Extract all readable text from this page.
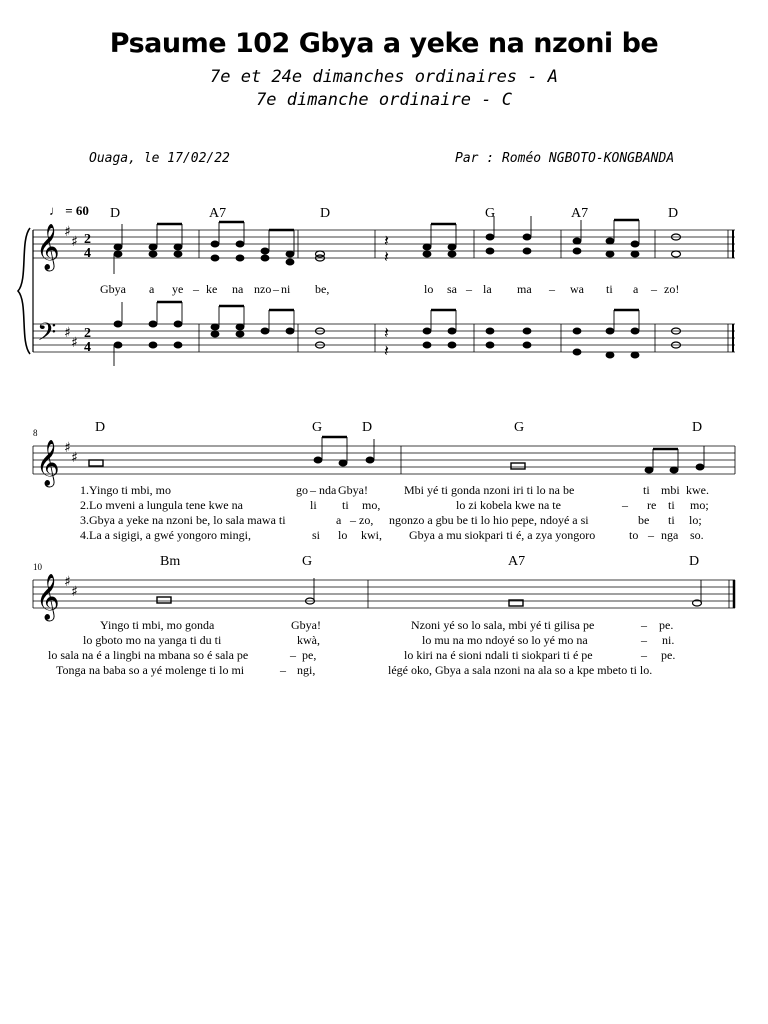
Psaume 102 Gbya a yeke na nzoni be
7e et 24e dimanches ordinaires - A
7e dimanche ordinaire - C
Ouaga, le 17/02/22	Par : Roméo NGBOTO-KONGBANDA
𝄞
𝄢
𝄞
𝄞
♯
♯
♯
♯
♯
♯
♯
♯
2
4
2
4
𝄽
𝄽
𝄽
𝄽
♩ = 60 D	A7	D	G	A7	D
Gbya a ye – ke na nzo – ni be,	lo sa – la ma – wa ti a – zo!
8	D	G	D	G	D
1.Yingo ti mbi, mo	go – nda Gbya!	Mbi yé ti gonda nzoni iri ti lo na be	ti mbi kwe.
2.Lo mveni a lungula tene kwe na	li ti mo,	lo zi kobela kwe na te	– re ti mo;
3.Gbya a yeke na nzoni be, lo sala mawa ti	a – zo, ngonzo a gbu be ti lo hio pepe, ndoyé a si	be ti lo;
4.La a sigigi, a gwé yongoro mingi,	si lo kwi, Gbya a mu siokpari ti é, a zya yongoro	to – nga so.
10	Bm	G	A7	D
Yingo ti mbi, mo gonda	Gbya!	Nzoni yé so lo sala, mbi yé ti gilisa pe	– pe.
lo gboto mo na yanga ti du ti	kwà,	lo mu na mo ndoyé so lo yé mo na	– ni.
lo sala na é a lingbi na mbana so é sala pe	– pe,	lo kiri na é sioni ndali ti siokpari ti é pe	– pe.
Tonga na baba so a yé molenge ti lo mi	– ngi,	légé oko, Gbya a sala nzoni na ala so a kpe mbeto ti lo.
